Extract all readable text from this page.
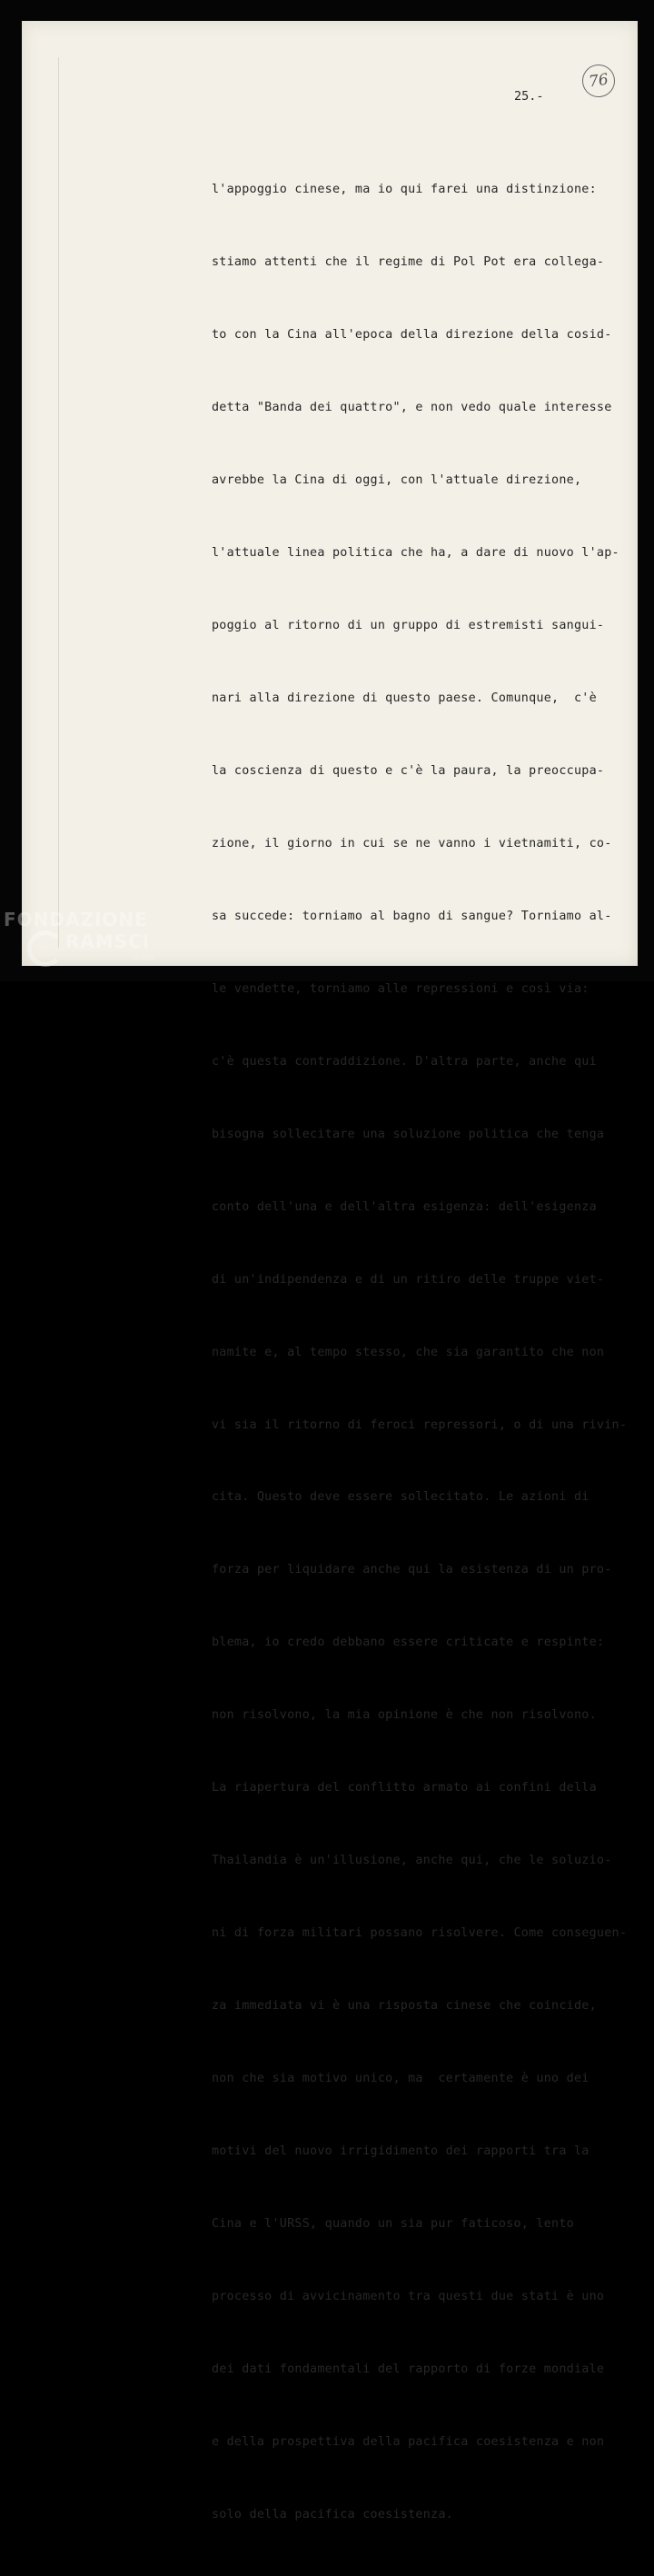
76
25.-

l'appoggio cinese, ma io qui farei una distinzione:

stiamo attenti che il regime di Pol Pot era collega-

to con la Cina all'epoca della direzione della cosid-

detta "Banda dei quattro", e non vedo quale interesse

avrebbe la Cina di oggi, con l'attuale direzione,

l'attuale linea politica che ha, a dare di nuovo l'ap-

poggio al ritorno di un gruppo di estremisti sangui-

nari alla direzione di questo paese. Comunque,  c'è

la coscienza di questo e c'è la paura, la preoccupa-

zione, il giorno in cui se ne vanno i vietnamiti, co-

sa succede: torniamo al bagno di sangue? Torniamo al-

le vendette, torniamo alle repressioni e così via:

c'è questa contraddizione. D'altra parte, anche qui

bisogna sollecitare una soluzione politica che tenga

conto dell'una e dell'altra esigenza: dell'esigenza

di un'indipendenza e di un ritiro delle truppe viet-

namite e, al tempo stesso, che sia garantito che non

vi sia il ritorno di feroci repressori, o di una rivin-

cita. Questo deve essere sollecitato. Le azioni di

forza per liquidare anche qui la esistenza di un pro-

blema, io credo debbano essere criticate e respinte:

non risolvono, la mia opinione è che non risolvono.

La riapertura del conflitto armato ai confini della

Thailandia è un'illusione, anche qui, che le soluzio-

ni di forza militari possano risolvere. Come conseguen-

za immediata vi è una risposta cinese che coincide,

non che sia motivo unico, ma  certamente è uno dei

motivi del nuovo irrigidimento dei rapporti tra la

Cina e l'URSS, quando un sia pur faticoso, lento

processo di avvicinamento tra questi due stati è uno

dei dati fondamentali del rapporto di forze mondiale

e della prospettiva della pacifica coesistenza e non

solo della pacifica coesistenza.

FONDAZIONE
RAMSCI
onlus
